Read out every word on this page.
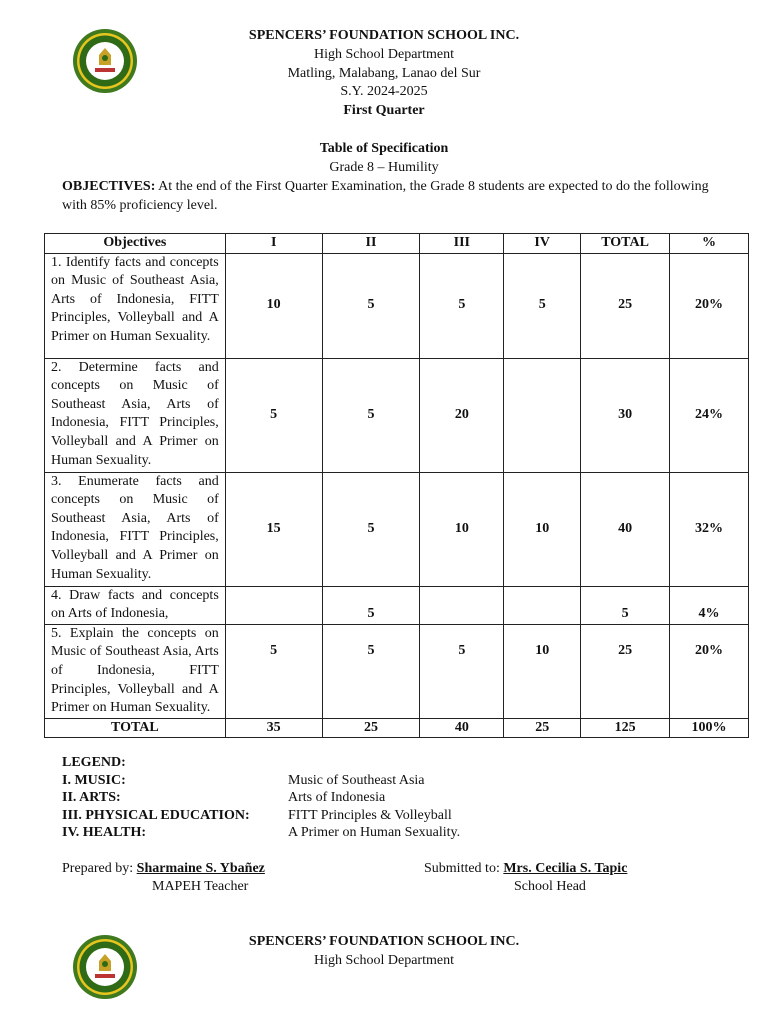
SPENCERS’ FOUNDATION SCHOOL INC.
High School Department
Matling, Malabang, Lanao del Sur
S.Y. 2024-2025
First Quarter
Table of Specification
Grade 8 – Humility
OBJECTIVES: At the end of the First Quarter Examination, the Grade 8 students are expected to do the following with 85% proficiency level.
Objectives	I	II	III	IV	TOTAL	%
1. Identify facts and concepts on Music of Southeast Asia, Arts of Indonesia, FITT Principles, Volleyball and A Primer on Human Sexuality.	10	5	5	5	25	20%
2. Determine facts and concepts on Music of Southeast Asia, Arts of Indonesia, FITT Principles, Volleyball and A Primer on Human Sexuality.	5	5	20		30	24%
3. Enumerate facts and concepts on Music of Southeast Asia, Arts of Indonesia, FITT Principles, Volleyball and A Primer on Human Sexuality.	15	5	10	10	40	32%
4. Draw facts and concepts on Arts of Indonesia,		5			5	4%
5. Explain the concepts on Music of Southeast Asia, Arts of Indonesia, FITT Principles, Volleyball and A Primer on Human Sexuality.	5	5	5	10	25	20%
TOTAL	35	25	40	25	125	100%
LEGEND:
I. MUSIC:	Music of Southeast Asia
II. ARTS:	Arts of Indonesia
III. PHYSICAL EDUCATION:	FITT Principles & Volleyball
IV. HEALTH:	A Primer on Human Sexuality.
Prepared by: Sharmaine S. Ybañez
MAPEH Teacher
Submitted to: Mrs. Cecilia S. Tapic
School Head
SPENCERS’ FOUNDATION SCHOOL INC.
High School Department
